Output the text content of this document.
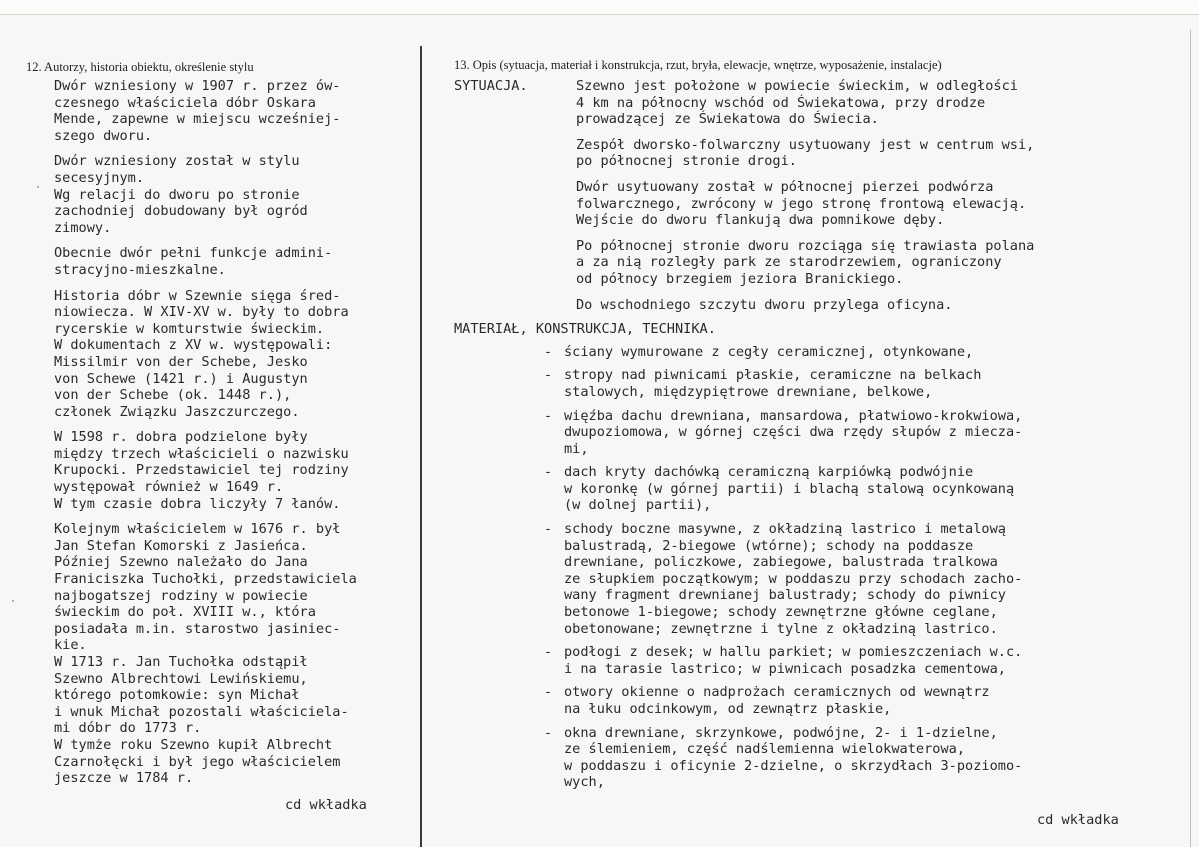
12. Autorzy, historia obiektu, określenie stylu	13. Opis (sytuacja, materiał i konstrukcja, rzut, bryła, elewacje, wnętrze, wyposażenie, instalacje)

Dwór wzniesiony w 1907 r. przez ów-
czesnego właściciela dóbr Oskara
Mende, zapewne w miejscu wcześniej-
szego dworu.

Dwór wzniesiony został w stylu
secesyjnym.
Wg relacji do dworu po stronie
zachodniej dobudowany był ogród
zimowy.

Obecnie dwór pełni funkcje admini-
stracyjno-mieszkalne.

Historia dóbr w Szewnie sięga śred-
niowiecza. W XIV-XV w. były to dobra
rycerskie w komturstwie świeckim.
W dokumentach z XV w. występowali:
Missilmir von der Schebe, Jesko
von Schewe (1421 r.) i Augustyn
von der Schebe (ok. 1448 r.),
członek Związku Jaszczurczego.

W 1598 r. dobra podzielone były
między trzech właścicieli o nazwisku
Krupocki. Przedstawiciel tej rodziny
występował również w 1649 r.
W tym czasie dobra liczyły 7 łanów.

Kolejnym właścicielem w 1676 r. był
Jan Stefan Komorski z Jasieńca.
Później Szewno należało do Jana
Franiciszka Tuchołki, przedstawiciela
najbogatszej rodziny w powiecie
świeckim do poł. XVIII w., która
posiadała m.in. starostwo jasiniec-
kie.
W 1713 r. Jan Tuchołka odstąpił
Szewno Albrechtowi Lewińskiemu,
którego potomkowie: syn Michał
i wnuk Michał pozostali właściciela-
mi dóbr do 1773 r.
W tymże roku Szewno kupił Albrecht
Czarnołęcki i był jego właścicielem
jeszcze w 1784 r.

cd wkładka

SYTUACJA.	Szewno jest położone w powiecie świeckim, w odległości
4 km na północny wschód od Świekatowa, przy drodze
prowadzącej ze Świekatowa do Świecia.

Zespół dworsko-folwarczny usytuowany jest w centrum wsi,
po północnej stronie drogi.

Dwór usytuowany został w północnej pierzei podwórza
folwarcznego, zwrócony w jego stronę frontową elewacją.
Wejście do dworu flankują dwa pomnikowe dęby.

Po północnej stronie dworu rozciąga się trawiasta polana
a za nią rozległy park ze starodrzewiem, ograniczony
od północy brzegiem jeziora Branickiego.

Do wschodniego szczytu dworu przylega oficyna.

MATERIAŁ, KONSTRUKCJA, TECHNIKA.

- ściany wymurowane z cegły ceramicznej, otynkowane,

- stropy nad piwnicami płaskie, ceramiczne na belkach
stalowych, międzypiętrowe drewniane, belkowe,

- więźba dachu drewniana, mansardowa, płatwiowo-krokwiowa,
dwupoziomowa, w górnej części dwa rzędy słupów z miecza-
mi,

- dach kryty dachówką ceramiczną karpiówką podwójnie
w koronkę (w górnej partii) i blachą stalową ocynkowaną
(w dolnej partii),

- schody boczne masywne, z okładziną lastrico i metalową
balustradą, 2-biegowe (wtórne); schody na poddasze
drewniane, policzkowe, zabiegowe, balustrada tralkowa
ze słupkiem początkowym; w poddaszu przy schodach zacho-
wany fragment drewnianej balustrady; schody do piwnicy
betonowe 1-biegowe; schody zewnętrzne główne ceglane,
obetonowane; zewnętrzne i tylne z okładziną lastrico.

- podłogi z desek; w hallu parkiet; w pomieszczeniach w.c.
i na tarasie lastrico; w piwnicach posadzka cementowa,

- otwory okienne o nadprożach ceramicznych od wewnątrz
na łuku odcinkowym, od zewnątrz płaskie,

- okna drewniane, skrzynkowe, podwójne, 2- i 1-dzielne,
ze ślemieniem, część nadślemienna wielokwaterowa,
w poddaszu i oficynie 2-dzielne, o skrzydłach 3-poziomo-
wych,

cd wkładka
